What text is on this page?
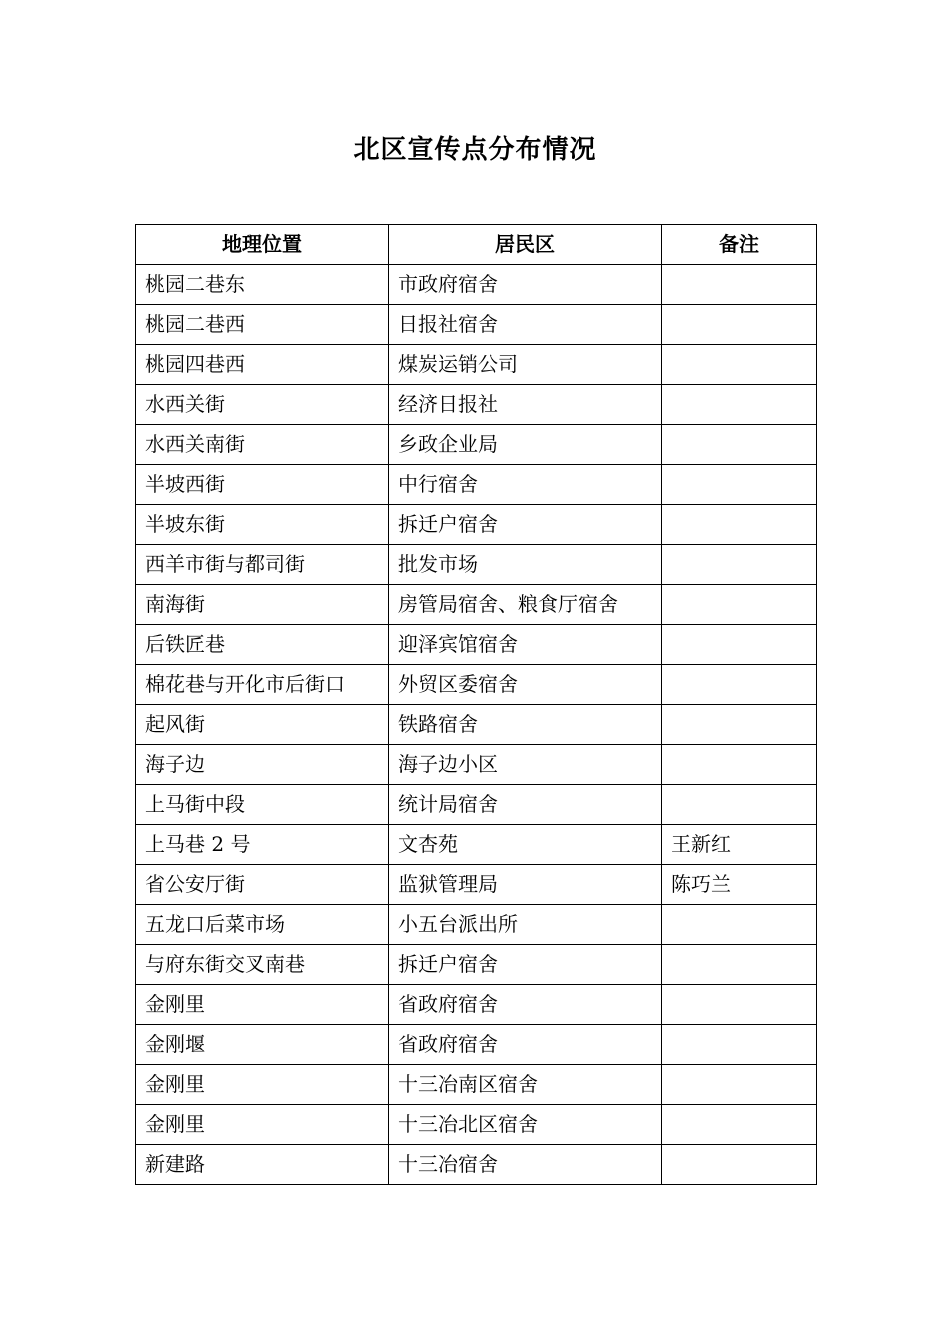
北区宣传点分布情况
地理位置	居民区	备注
桃园二巷东	市政府宿舍	
桃园二巷西	日报社宿舍	
桃园四巷西	煤炭运销公司	
水西关街	经济日报社	
水西关南街	乡政企业局	
半坡西街	中行宿舍	
半坡东街	拆迁户宿舍	
西羊市街与都司街	批发市场	
南海街	房管局宿舍、粮食厅宿舍	
后铁匠巷	迎泽宾馆宿舍	
棉花巷与开化市后街口	外贸区委宿舍	
起风街	铁路宿舍	
海子边	海子边小区	
上马街中段	统计局宿舍	
上马巷 2 号	文杏苑	王新红
省公安厅街	监狱管理局	陈巧兰
五龙口后菜市场	小五台派出所	
与府东街交叉南巷	拆迁户宿舍	
金刚里	省政府宿舍	
金刚堰	省政府宿舍	
金刚里	十三冶南区宿舍	
金刚里	十三冶北区宿舍	
新建路	十三冶宿舍	
